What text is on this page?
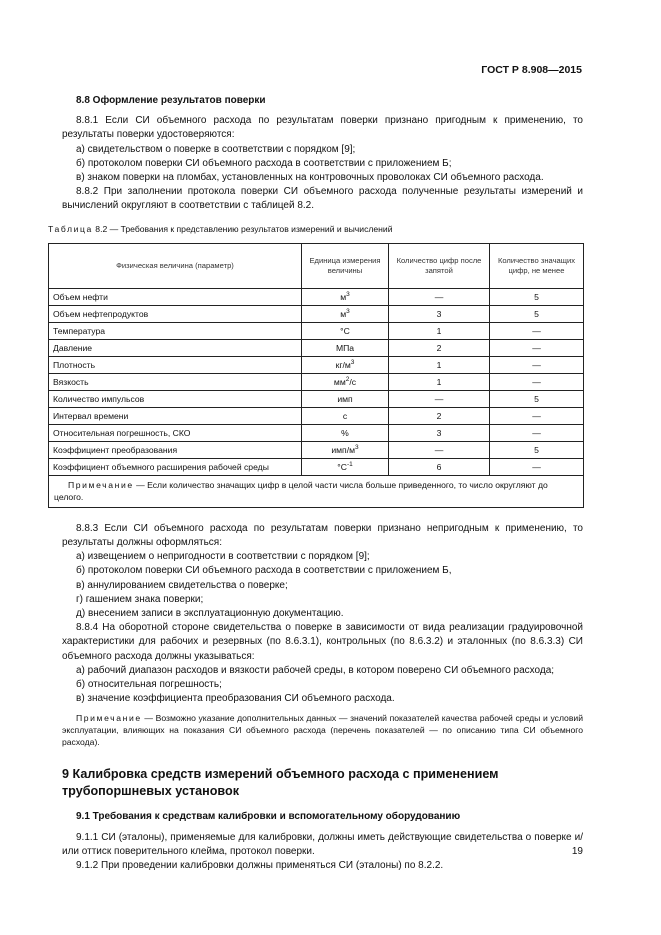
ГОСТ Р 8.908—2015

8.8 Оформление результатов поверки

8.8.1 Если СИ объемного расхода по результатам поверки признано пригодным к применению, то результаты поверки удостоверяются:

а) свидетельством о поверке в соответствии с порядком [9];

б) протоколом поверки СИ объемного расхода в соответствии с приложением Б;

в) знаком поверки на пломбах, установленных на контровочных проволоках СИ объемного расхода.

8.8.2 При заполнении протокола поверки СИ объемного расхода полученные результаты измерений и вычислений округляют в соответствии с таблицей 8.2.

Таблица 8.2 — Требования к представлению результатов измерений и вычислений
Физическая величина (параметр)	Единица измерения величины	Количество цифр после запятой	Количество значащих цифр, не менее
Объем нефти	$м^3$	—	5
Объем нефтепродуктов	$м^3$	3	5
Температура	°С	1	—
Давление	МПа	2	—
Плотность	$кг/м^3$	1	—
Вязкость	$мм^2/с$	1	—
Количество импульсов	имп	—	5
Интервал времени	с	2	—
Относительная погрешность, СКО	%	3	—
Коэффициент преобразования	имп/$м^3$	—	5
Коэффициент объемного расширения рабочей среды	$^\circ С^{-1}$	6	—
Примечание — Если количество значащих цифр в целой части числа больше приведенного, то число округляют до целого.			

8.8.3 Если СИ объемного расхода по результатам поверки признано непригодным к применению, то результаты должны оформляться:

а) извещением о непригодности в соответствии с порядком [9];

б) протоколом поверки СИ объемного расхода в соответствии с приложением Б,

в) аннулированием свидетельства о поверке;

г) гашением знака поверки;

д) внесением записи в эксплуатационную документацию.

8.8.4 На оборотной стороне свидетельства о поверке в зависимости от вида реализации градуировочной характеристики для рабочих и резервных (по 8.6.3.1), контрольных (по 8.6.3.2) и эталонных (по 8.6.3.3) СИ объемного расхода должны указываться:

а) рабочий диапазон расходов и вязкости рабочей среды, в котором поверено СИ объемного расхода;

б) относительная погрешность;

в) значение коэффициента преобразования СИ объемного расхода.

Примечание — Возможно указание дополнительных данных — значений показателей качества рабочей среды и условий эксплуатации, влияющих на показания СИ объемного расхода (перечень показателей — по описанию типа СИ объемного расхода).

9 Калибровка средств измерений объемного расхода с применением трубопоршневых установок

9.1 Требования к средствам калибровки и вспомогательному оборудованию

9.1.1 СИ (эталоны), применяемые для калибровки, должны иметь действующие свидетельства о поверке и/или оттиск поверительного клейма, протокол поверки.

9.1.2 При проведении калибровки должны применяться СИ (эталоны) по 8.2.2.

19
